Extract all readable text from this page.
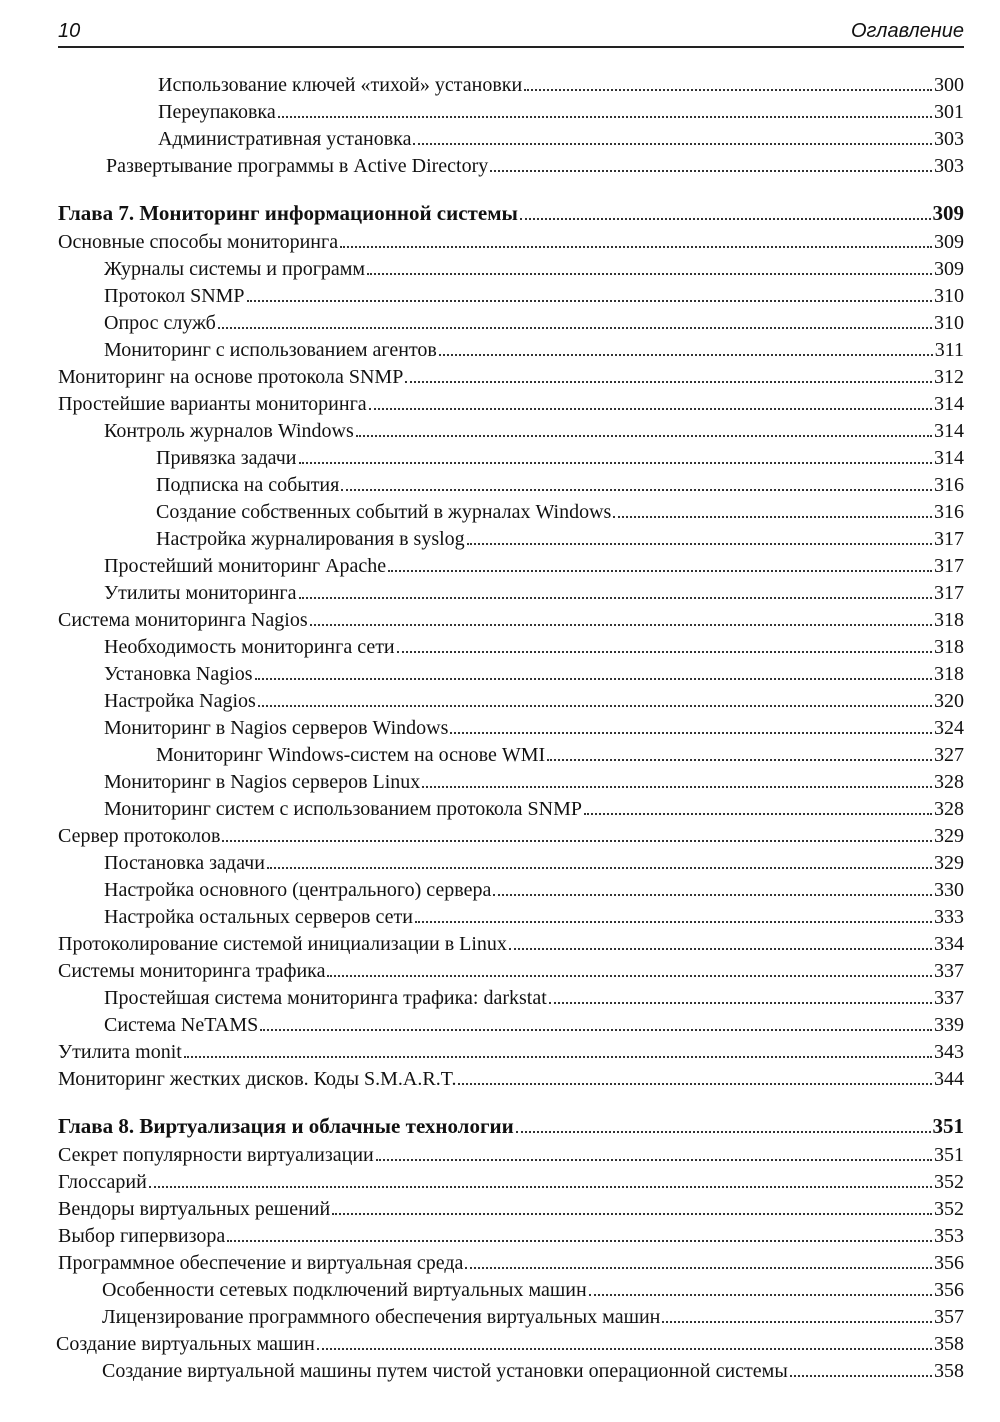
10	Оглавление
Использование ключей «тихой» установки	300
Переупаковка	301
Административная установка	303
Развертывание программы в Active Directory	303
Глава 7. Мониторинг информационной системы	309
Основные способы мониторинга	309
Журналы системы и программ	309
Протокол SNMP	310
Опрос служб	310
Мониторинг с использованием агентов	311
Мониторинг на основе протокола SNMP	312
Простейшие варианты мониторинга	314
Контроль журналов Windows	314
Привязка задачи	314
Подписка на события	316
Создание собственных событий в журналах Windows	316
Настройка журналирования в syslog	317
Простейший мониторинг Apache	317
Утилиты мониторинга	317
Система мониторинга Nagios	318
Необходимость мониторинга сети	318
Установка Nagios	318
Настройка Nagios	320
Мониторинг в Nagios серверов Windows	324
Мониторинг Windows-систем на основе WMI	327
Мониторинг в Nagios серверов Linux	328
Мониторинг систем с использованием протокола SNMP	328
Сервер протоколов	329
Постановка задачи	329
Настройка основного (центрального) сервера	330
Настройка остальных серверов сети	333
Протоколирование системой инициализации в Linux	334
Системы мониторинга трафика	337
Простейшая система мониторинга трафика: darkstat	337
Система NeTAMS	339
Утилита monit	343
Мониторинг жестких дисков. Коды S.M.A.R.T.	344
Глава 8. Виртуализация и облачные технологии	351
Секрет популярности виртуализации	351
Глоссарий	352
Вендоры виртуальных решений	352
Выбор гипервизора	353
Программное обеспечение и виртуальная среда	356
Особенности сетевых подключений виртуальных машин	356
Лицензирование программного обеспечения виртуальных машин	357
Создание виртуальных машин	358
Создание виртуальной машины путем чистой установки операционной системы	358
